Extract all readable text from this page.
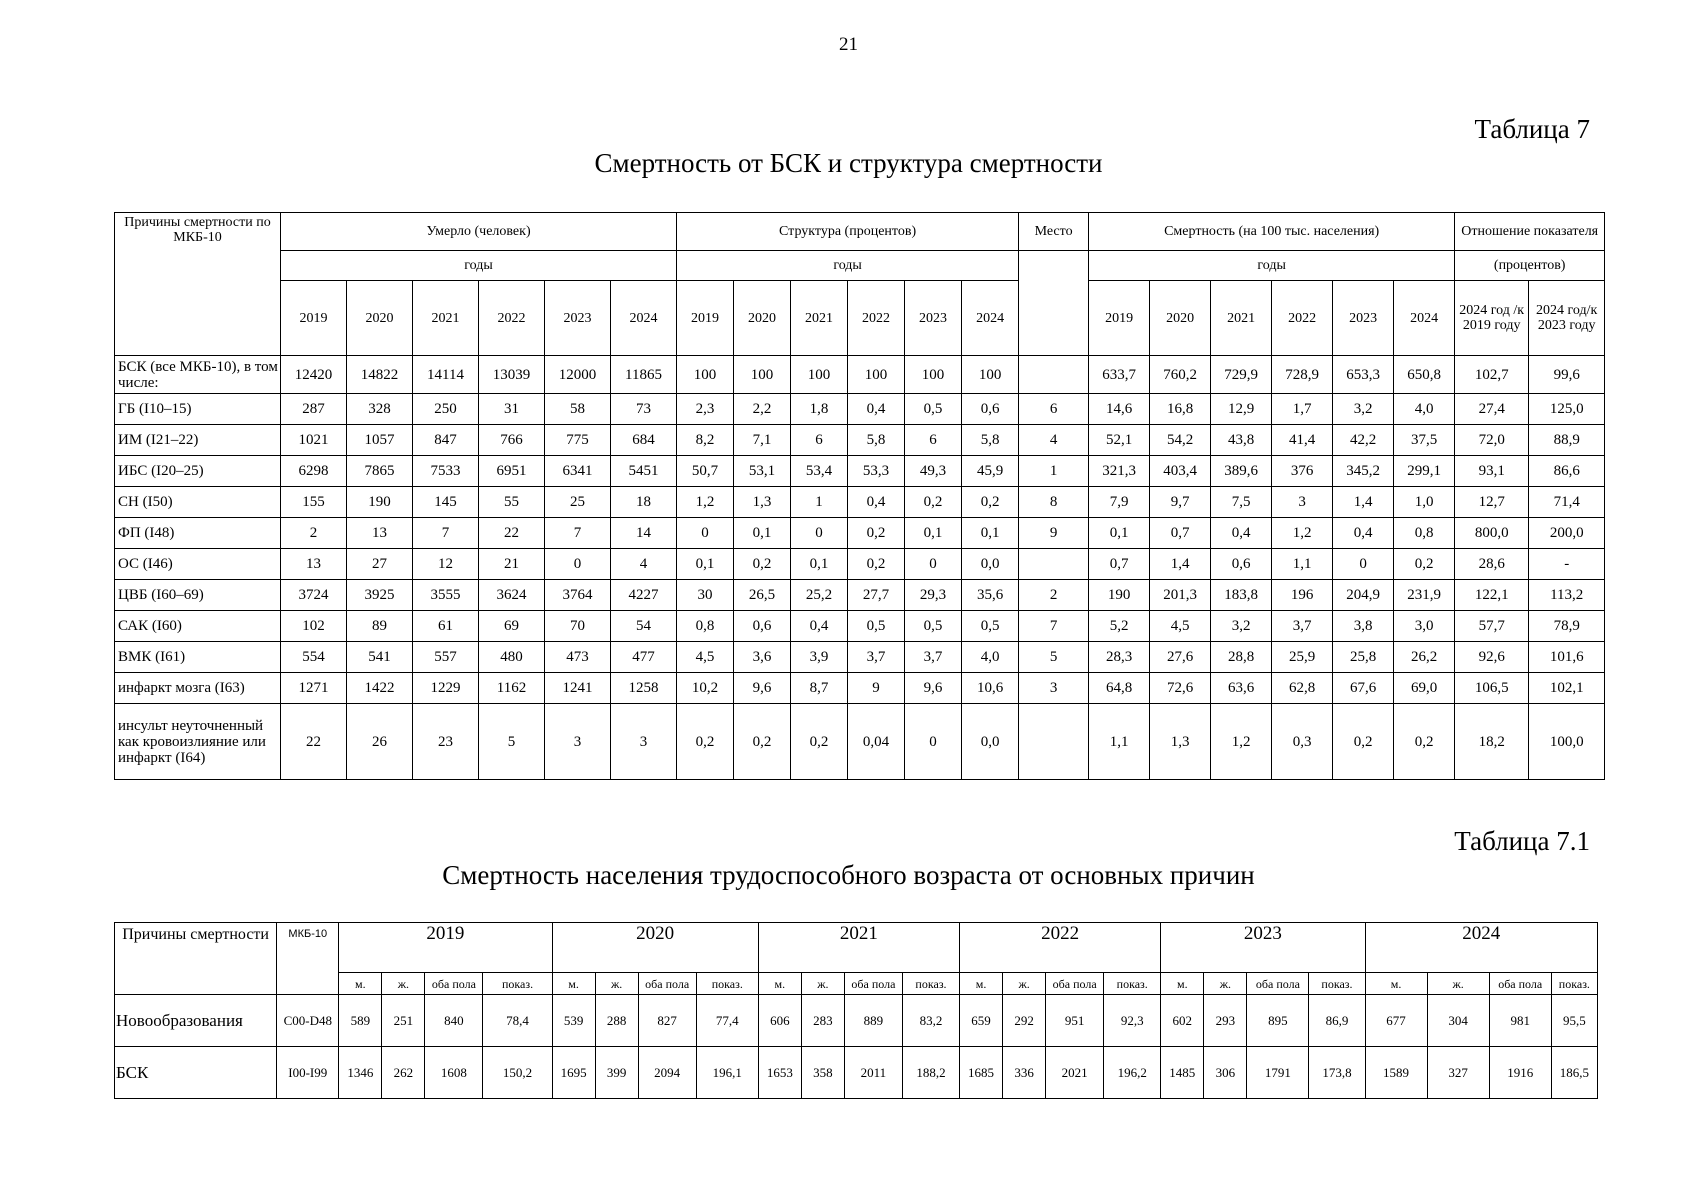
21
Таблица 7
Смертность от БСК и структура смертности
Причины смертности по МКБ-10	Умерло (человек)						Структура (процентов)						Место	Смертность (на 100 тыс. населения)						Отношение показателя	
	годы						годы							годы						(процентов)	
	2019	2020	2021	2022	2023	2024	2019	2020	2021	2022	2023	2024		2019	2020	2021	2022	2023	2024	2024 год /к 2019 году	2024 год/к 2023 году
БСК (все МКБ-10), в том числе:	12420	14822	14114	13039	12000	11865	100	100	100	100	100	100		633,7	760,2	729,9	728,9	653,3	650,8	102,7	99,6
ГБ (I10–15)	287	328	250	31	58	73	2,3	2,2	1,8	0,4	0,5	0,6	6	14,6	16,8	12,9	1,7	3,2	4,0	27,4	125,0
ИМ (I21–22)	1021	1057	847	766	775	684	8,2	7,1	6	5,8	6	5,8	4	52,1	54,2	43,8	41,4	42,2	37,5	72,0	88,9
ИБС (I20–25)	6298	7865	7533	6951	6341	5451	50,7	53,1	53,4	53,3	49,3	45,9	1	321,3	403,4	389,6	376	345,2	299,1	93,1	86,6
СН (I50)	155	190	145	55	25	18	1,2	1,3	1	0,4	0,2	0,2	8	7,9	9,7	7,5	3	1,4	1,0	12,7	71,4
ФП (I48)	2	13	7	22	7	14	0	0,1	0	0,2	0,1	0,1	9	0,1	0,7	0,4	1,2	0,4	0,8	800,0	200,0
ОС (I46)	13	27	12	21	0	4	0,1	0,2	0,1	0,2	0	0,0		0,7	1,4	0,6	1,1	0	0,2	28,6	-
ЦВБ (I60–69)	3724	3925	3555	3624	3764	4227	30	26,5	25,2	27,7	29,3	35,6	2	190	201,3	183,8	196	204,9	231,9	122,1	113,2
САК (I60)	102	89	61	69	70	54	0,8	0,6	0,4	0,5	0,5	0,5	7	5,2	4,5	3,2	3,7	3,8	3,0	57,7	78,9
ВМК (I61)	554	541	557	480	473	477	4,5	3,6	3,9	3,7	3,7	4,0	5	28,3	27,6	28,8	25,9	25,8	26,2	92,6	101,6
инфаркт мозга (I63)	1271	1422	1229	1162	1241	1258	10,2	9,6	8,7	9	9,6	10,6	3	64,8	72,6	63,6	62,8	67,6	69,0	106,5	102,1
инсульт неуточненный как кровоизлияние или инфаркт (I64)	22	26	23	5	3	3	0,2	0,2	0,2	0,04	0	0,0		1,1	1,3	1,2	0,3	0,2	0,2	18,2	100,0
Таблица 7.1
Смертность населения трудоспособного возраста от основных причин
Причины смертности	МКБ-10	2019				2020				2021				2022				2023				2024			
		м.	ж.	оба пола	показ.	м.	ж.	оба пола	показ.	м.	ж.	оба пола	показ.	м.	ж.	оба пола	показ.	м.	ж.	оба пола	показ.	м.	ж.	оба пола	показ.
Новообразования	C00-D48	589	251	840	78,4	539	288	827	77,4	606	283	889	83,2	659	292	951	92,3	602	293	895	86,9	677	304	981	95,5
БСК	I00-I99	1346	262	1608	150,2	1695	399	2094	196,1	1653	358	2011	188,2	1685	336	2021	196,2	1485	306	1791	173,8	1589	327	1916	186,5
